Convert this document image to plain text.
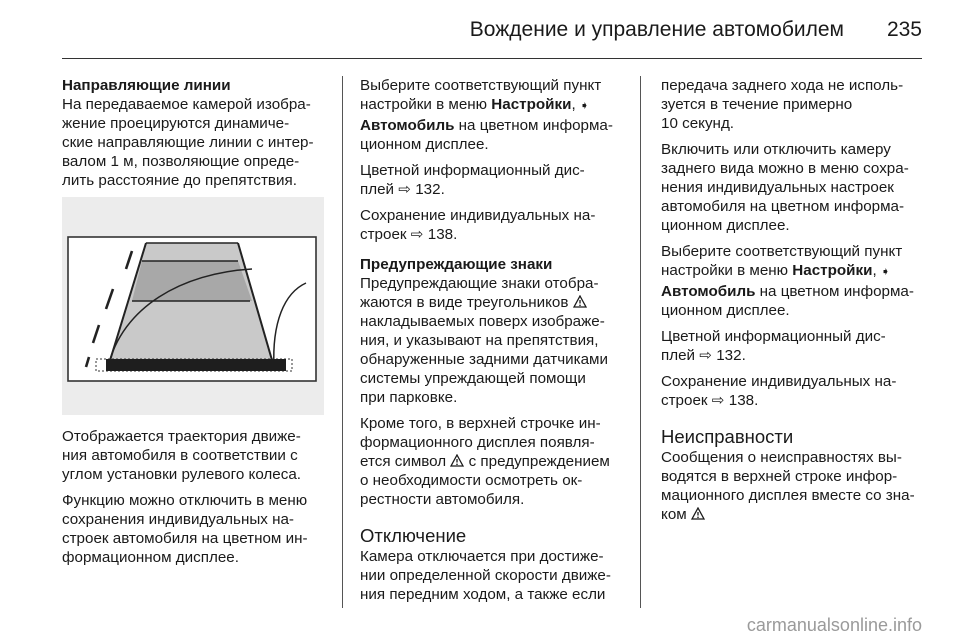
Вождение и управление автомобилем 235
Направляющие линии

На передаваемое камерой изобра-
жение проецируются динамиче-
ские направляющие линии с интер-
валом 1 м, позволяющие опреде-
лить расстояние до препятствия.

Отображается траектория движе-
ния автомобиля в соответствии с
углом установки рулевого колеса.

Функцию можно отключить в меню
сохранения индивидуальных на-
строек автомобиля на цветном ин-
формационном дисплее.

Выберите соответствующий пункт
настройки в меню Настройки, ➧
Автомобиль на цветном информа-
ционном дисплее.

Цветной информационный дис-
плей ⇨ 132.

Сохранение индивидуальных на-
строек ⇨ 138.

Предупреждающие знаки

Предупреждающие знаки отобра-
жаются в виде треугольников
накладываемых поверх изображе-
ния, и указывают на препятствия,
обнаруженные задними датчиками
системы упреждающей помощи
при парковке.

Кроме того, в верхней строчке ин-
формационного дисплея появля-
ется символ  с предупреждением
о необходимости осмотреть ок-
рестности автомобиля.

Отключение

Камера отключается при достиже-
нии определенной скорости движе-
ния передним ходом, а также если

передача заднего хода не исполь-
зуется в течение примерно
10 секунд.

Включить или отключить камеру
заднего вида можно в меню сохра-
нения индивидуальных настроек
автомобиля на цветном информа-
ционном дисплее.

Выберите соответствующий пункт
настройки в меню Настройки, ➧
Автомобиль на цветном информа-
ционном дисплее.

Цветной информационный дис-
плей ⇨ 132.

Сохранение индивидуальных на-
строек ⇨ 138.

Неисправности

Сообщения о неисправностях вы-
водятся в верхней строке инфор-
мационного дисплея вместе со зна-
ком

carmanualsonline.info
